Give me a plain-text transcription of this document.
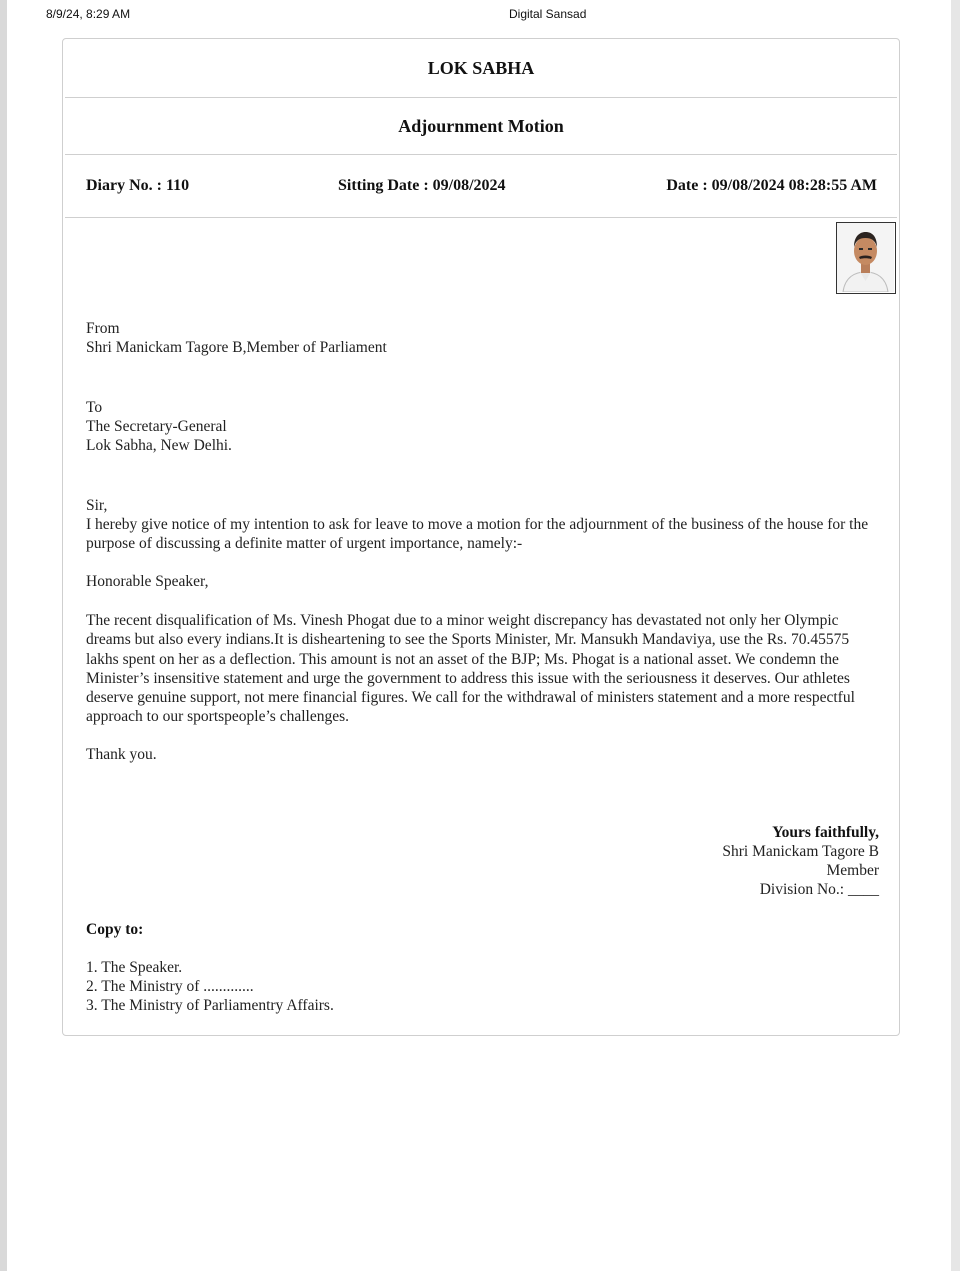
8/9/24, 8:29 AM	Digital Sansad
LOK SABHA
Adjournment Motion
Diary No. : 110	Sitting Date : 09/08/2024	Date : 09/08/2024 08:28:55 AM
From
Shri Manickam Tagore B,Member of Parliament
To
The Secretary-General
Lok Sabha, New Delhi.
Sir,
I hereby give notice of my intention to ask for leave to move a motion for the adjournment of the business of the house for the purpose of discussing a definite matter of urgent importance, namely:-
Honorable Speaker,
The recent disqualification of Ms. Vinesh Phogat due to a minor weight discrepancy has devastated not only her Olympic dreams but also every indians.It is disheartening to see the Sports Minister, Mr. Mansukh Mandaviya, use the Rs. 70.45575 lakhs spent on her as a deflection. This amount is not an asset of the BJP; Ms. Phogat is a national asset. We condemn the Minister’s insensitive statement and urge the government to address this issue with the seriousness it deserves. Our athletes deserve genuine support, not mere financial figures. We call for the withdrawal of ministers statement and a more respectful approach to our sportspeople’s challenges.
Thank you.
Yours faithfully,
Shri Manickam Tagore B
Member
Division No.: ____
Copy to:
1. The Speaker.
2. The Ministry of .............
3. The Ministry of Parliamentry Affairs.
